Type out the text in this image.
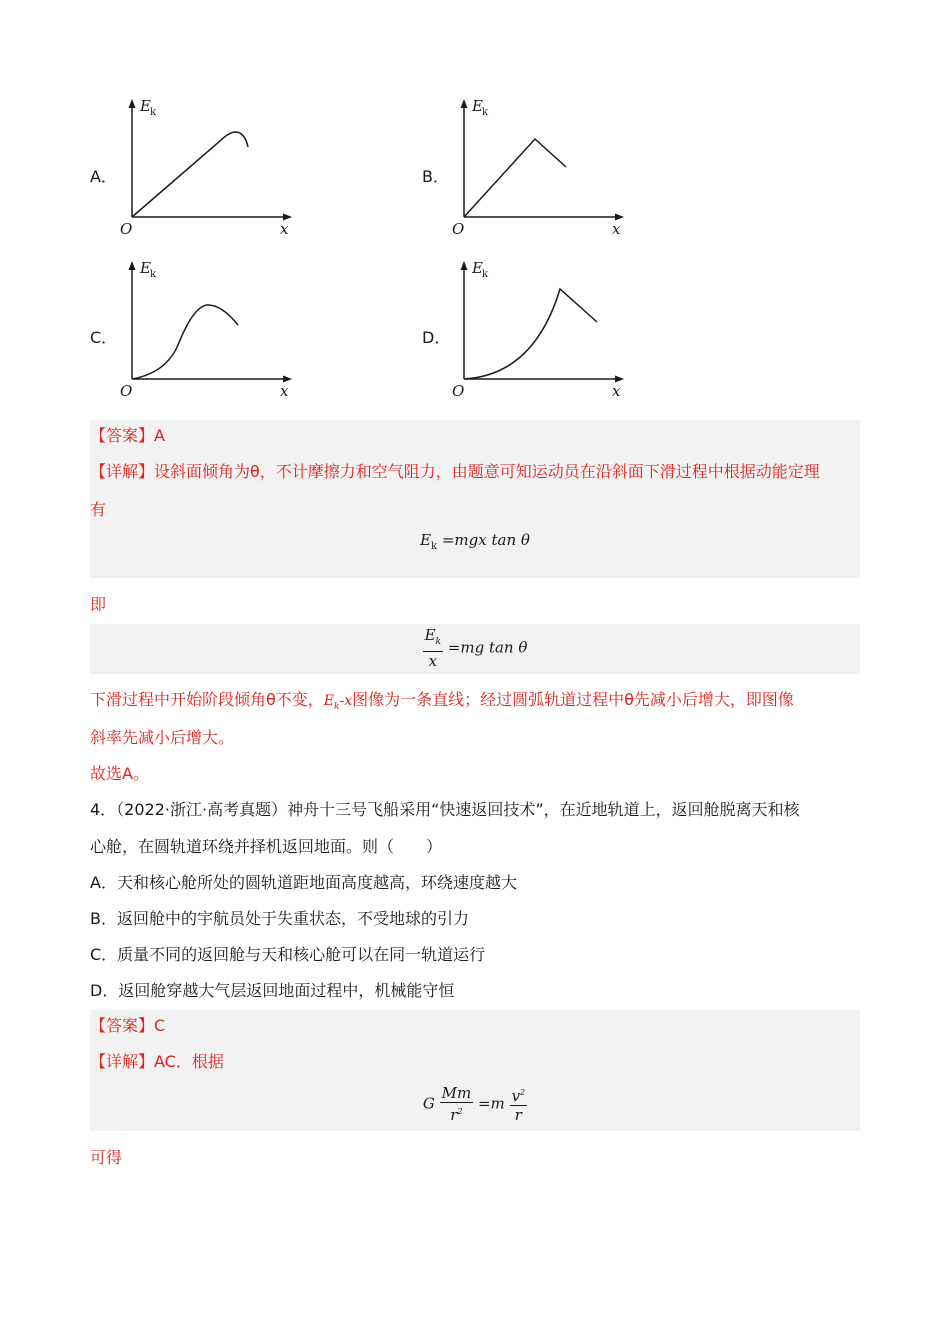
A．
E k
x
O
B．
E k
x
O
C．
E k
x
O
D．
E k
x
O
【答案】A
【详解】设斜面倾角为θ，不计摩擦力和空气阻力，由题意可知运动员在沿斜面下滑过程中根据动能定理
有
$E_k =mgx$ tan θ
即
$\frac{E_k}{x} =mg$ tan θ
下滑过程中开始阶段倾角θ不变，$E_k-x$图像为一条直线；经过圆弧轨道过程中θ先减小后增大，即图像
斜率先减小后增大。
故选A。
4．（2022·浙江·高考真题）神舟十三号飞船采用“快速返回技术”，在近地轨道上，返回舱脱离天和核
心舱，在圆轨道环绕并择机返回地面。则（　　）
A．天和核心舱所处的圆轨道距地面高度越高，环绕速度越大
B．返回舱中的宇航员处于失重状态，不受地球的引力
C．质量不同的返回舱与天和核心舱可以在同一轨道运行
D．返回舱穿越大气层返回地面过程中，机械能守恒
【答案】C
【详解】AC．根据
G $\frac{Mm}{r^2} =m \frac{v^2}{r}$
可得
